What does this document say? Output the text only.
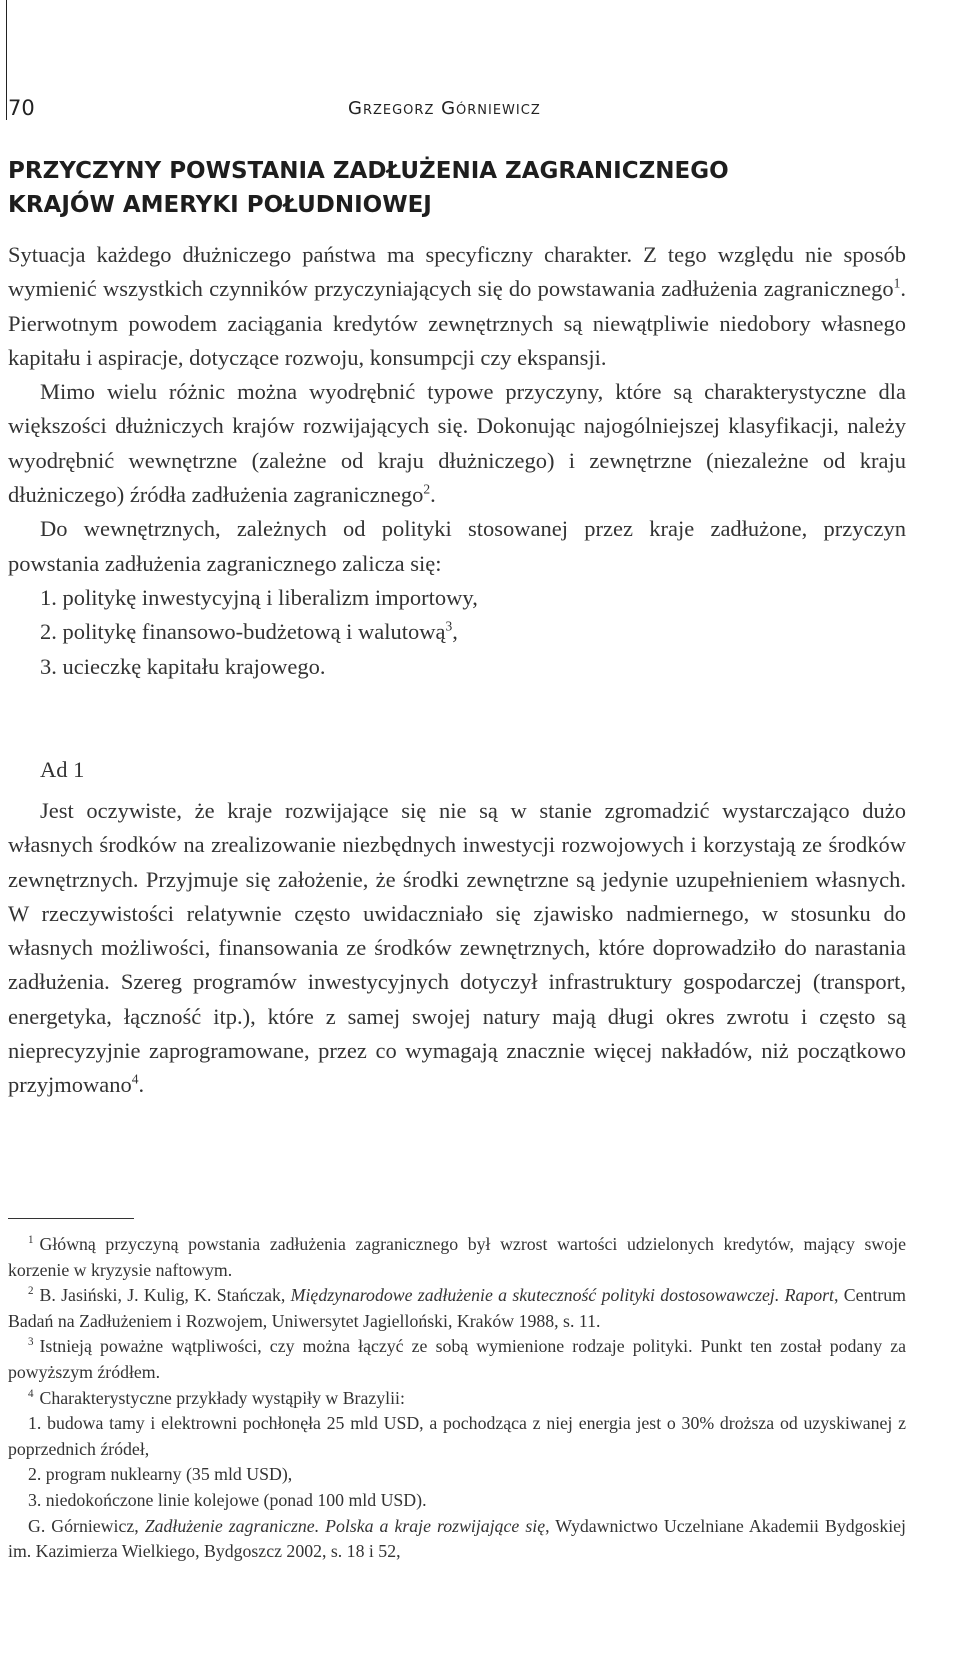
70	Grzegorz Górniewicz
PRZYCZYNY POWSTANIA ZADŁUŻENIA ZAGRANICZNEGO
KRAJÓW AMERYKI POŁUDNIOWEJ

Sytuacja każdego dłużniczego państwa ma specyficzny charakter. Z tego względu nie sposób wymienić wszystkich czynników przyczyniających się do powstawania zadłużenia zagranicznego$^1$. Pierwotnym powodem zaciągania kredytów zewnętrznych są niewątpliwie niedobory własnego kapitału i aspiracje, dotyczące rozwoju, konsumpcji czy ekspansji.

Mimo wielu różnic można wyodrębnić typowe przyczyny, które są charakterystyczne dla większości dłużniczych krajów rozwijających się. Dokonując najogólniejszej klasyfikacji, należy wyodrębnić wewnętrzne (zależne od kraju dłużniczego) i zewnętrzne (niezależne od kraju dłużniczego) źródła zadłużenia zagranicznego$^2$.

Do wewnętrznych, zależnych od polityki stosowanej przez kraje zadłużone, przyczyn powstania zadłużenia zagranicznego zalicza się:

1. politykę inwestycyjną i liberalizm importowy,

2. politykę finansowo-budżetową i walutową$^3$,

3. ucieczkę kapitału krajowego.

Ad 1

Jest oczywiste, że kraje rozwijające się nie są w stanie zgromadzić wystarczająco dużo własnych środków na zrealizowanie niezbędnych inwestycji rozwojowych i korzystają ze środków zewnętrznych. Przyjmuje się założenie, że środki zewnętrzne są jedynie uzupełnieniem własnych. W rzeczywistości relatywnie często uwidaczniało się zjawisko nadmiernego, w stosunku do własnych możliwości, finansowania ze środków zewnętrznych, które doprowadziło do narastania zadłużenia. Szereg programów inwestycyjnych dotyczył infrastruktury gospodarczej (transport, energetyka, łączność itp.), które z samej swojej natury mają długi okres zwrotu i często są nieprecyzyjnie zaprogramowane, przez co wymagają znacznie więcej nakładów, niż początkowo przyjmowano$^4$.

$^1$ Główną przyczyną powstania zadłużenia zagranicznego był wzrost wartości udzielonych kredytów, mający swoje korzenie w kryzysie naftowym.

$^2$ B. Jasiński, J. Kulig, K. Stańczak, Międzynarodowe zadłużenie a skuteczność polityki dostosowawczej. Raport, Centrum Badań na Zadłużeniem i Rozwojem, Uniwersytet Jagielloński, Kraków 1988, s. 11.

$^3$ Istnieją poważne wątpliwości, czy można łączyć ze sobą wymienione rodzaje polityki. Punkt ten został podany za powyższym źródłem.

$^4$ Charakterystyczne przykłady wystąpiły w Brazylii:

1. budowa tamy i elektrowni pochłonęła 25 mld USD, a pochodząca z niej energia jest o 30% droższa od uzyskiwanej z poprzednich źródeł,

2. program nuklearny (35 mld USD),

3. niedokończone linie kolejowe (ponad 100 mld USD).

G. Górniewicz, Zadłużenie zagraniczne. Polska a kraje rozwijające się, Wydawnictwo Uczelniane Akademii Bydgoskiej im. Kazimierza Wielkiego, Bydgoszcz 2002, s. 18 i 52,
